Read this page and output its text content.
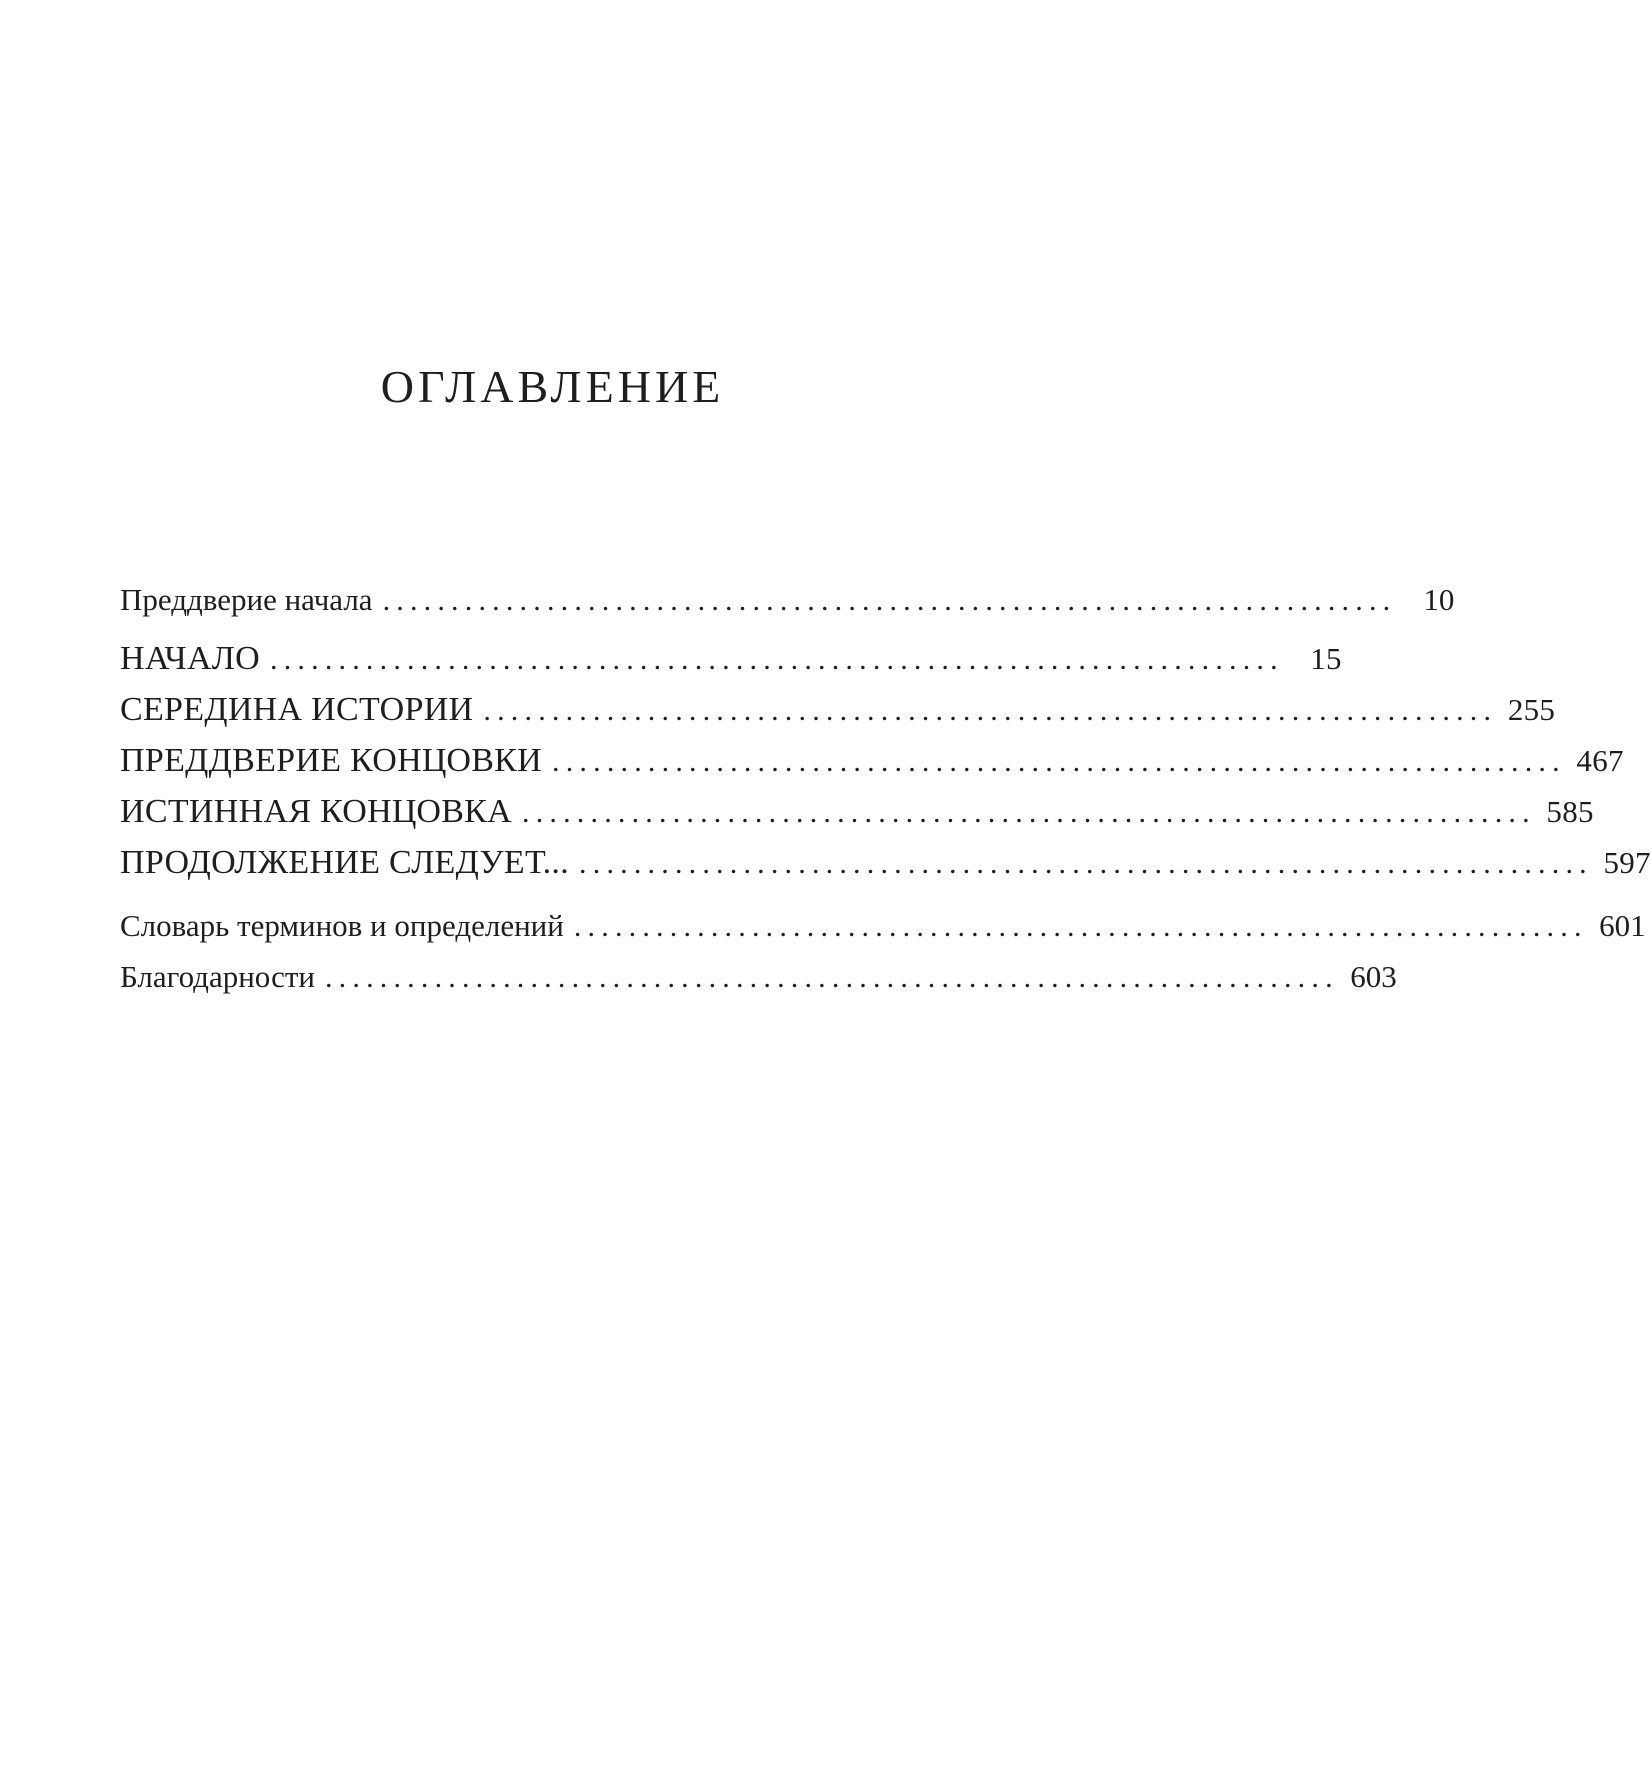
ОГЛАВЛЕНИЕ
Преддверие начала .......................................................................... 10
НАЧАЛО .......................................................................... 15
СЕРЕДИНА ИСТОРИИ .......................................................................... 255
ПРЕДДВЕРИЕ КОНЦОВКИ .......................................................................... 467
ИСТИННАЯ КОНЦОВКА .......................................................................... 585
ПРОДОЛЖЕНИЕ СЛЕДУЕТ... .......................................................................... 597
Словарь терминов и определений .......................................................................... 601
Благодарности .......................................................................... 603
